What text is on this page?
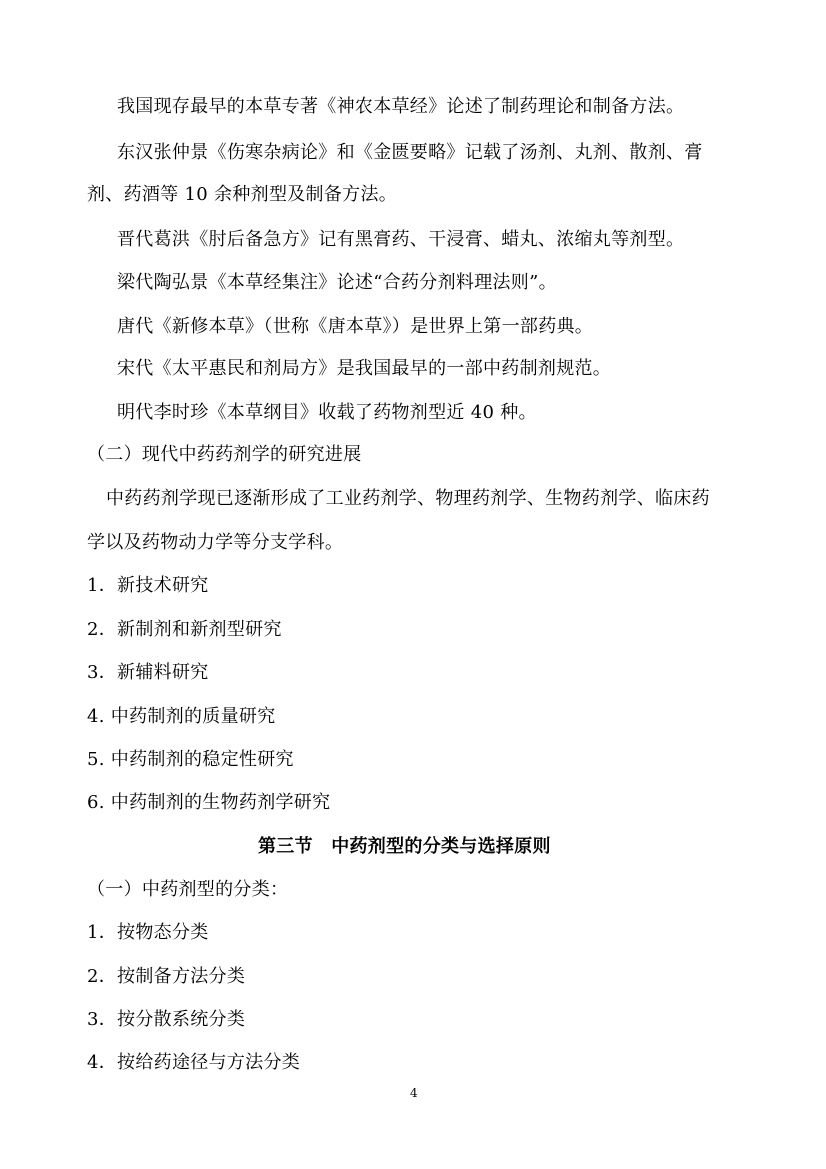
我国现存最早的本草专著《神农本草经》论述了制药理论和制备方法。
东汉张仲景《伤寒杂病论》和《金匮要略》记载了汤剂、丸剂、散剂、膏
剂、药酒等 10 余种剂型及制备方法。
晋代葛洪《肘后备急方》记有黑膏药、干浸膏、蜡丸、浓缩丸等剂型。
梁代陶弘景《本草经集注》论述“合药分剂料理法则”。
唐代《新修本草》（世称《唐本草》）是世界上第一部药典。
宋代《太平惠民和剂局方》是我国最早的一部中药制剂规范。
明代李时珍《本草纲目》收载了药物剂型近 40 种。
（二）现代中药药剂学的研究进展
中药药剂学现已逐渐形成了工业药剂学、物理药剂学、生物药剂学、临床药
学以及药物动力学等分支学科。
1．新技术研究
2．新制剂和新剂型研究
3．新辅料研究
4. 中药制剂的质量研究
5. 中药制剂的稳定性研究
6. 中药制剂的生物药剂学研究
第三节　中药剂型的分类与选择原则
（一）中药剂型的分类：
1．按物态分类
2．按制备方法分类
3．按分散系统分类
4．按给药途径与方法分类
4
